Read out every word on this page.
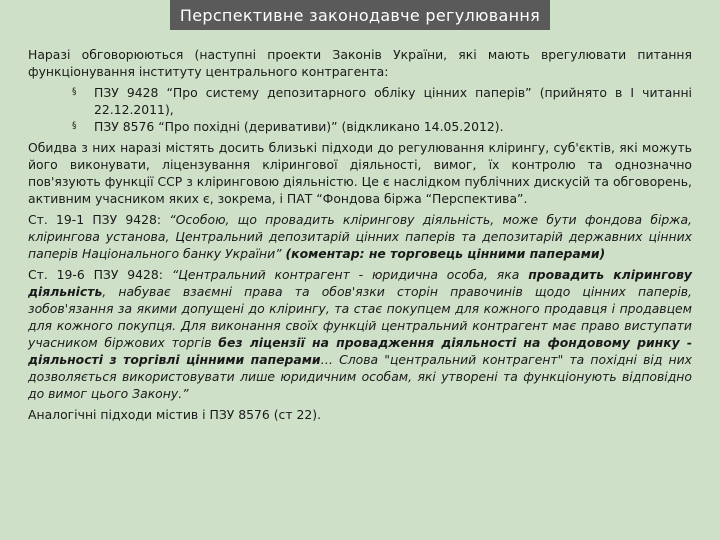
Перспективне законодавче регулювання

Наразі обговорюються (наступні проекти Законів України, які мають врегулювати питання функціонування інституту центрального контрагента:

§ ПЗУ 9428 “Про систему депозитарного обліку цінних паперів” (прийнято в І читанні 22.12.2011),
§ ПЗУ 8576 “Про похідні (деривативи)” (відкликано 14.05.2012).

Обидва з них наразі містять досить близькі підходи до регулювання клірингу, суб'єктів, які можуть його виконувати, ліцензування клірингової діяльності, вимог, їх контролю та однозначно пов'язують функції ССР з кліринговою діяльністю. Це є наслідком публічних дискусій та обговорень, активним учасником яких є, зокрема, і ПАТ “Фондова біржа “Перспектива”.

Ст. 19-1 ПЗУ 9428: “Особою, що провадить клірингову діяльність, може бути фондова біржа, клірингова установа, Центральний депозитарій цінних паперів та депозитарій державних цінних паперів Національного банку України” (коментар: не торговець цінними паперами)

Ст. 19-6 ПЗУ 9428: “Центральний контрагент - юридична особа, яка провадить клірингову діяльність, набуває взаємні права та обов'язки сторін правочинів щодо цінних паперів, зобов'язання за якими допущені до клірингу, та стає покупцем для кожного продавця і продавцем для кожного покупця. Для виконання своїх функцій центральний контрагент має право виступати учасником біржових торгів без ліцензії на провадження діяльності на фондовому ринку - діяльності з торгівлі цінними паперами… Слова "центральний контрагент" та похідні від них дозволяється використовувати лише юридичним особам, які утворені та функціонують відповідно до вимог цього Закону.”

Аналогічні підходи містив і ПЗУ 8576 (ст 22).
